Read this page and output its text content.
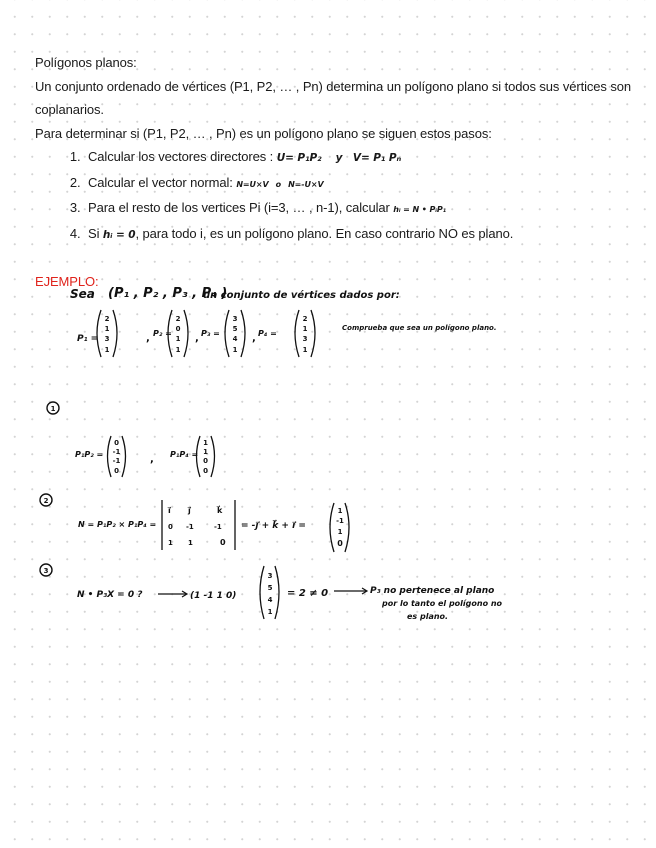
Polígonos planos:

Un conjunto ordenado de vértices (P1, P2, … , Pn) determina un polígono plano si todos sus vértices son coplanarios.

Para determinar si (P1, P2, … , Pn) es un polígono plano se siguen estos pasos:

1. Calcular los vectores directores : U= P₁P₂ y V= P₁ Pₙ
2. Calcular el vector normal: N=U×V o N=-U×V
3. Para el resto de los vertices Pi (i=3, … , n-1), calcular hᵢ = N • PᵢP₁
4. Si hᵢ = 0, para todo i, es un polígono plano. En caso contrario NO es plano.

EJEMPLO:

Sea (P₁ , P₂ , P₃ , P₄ )
un conjunto de vértices dados por:
P₁ =
2
1
3
1
, P₂ =
2
0
1
1
, P₃ =
3
5
4
1
, P₄ =
2
1
3
1
Comprueba que sea un polígono plano.
1
P₁P₂ =
0
-1
-1
0
, P₁P₄ =
1
1
0
0
2
N = P₁P₂ × P₁P₄ =
i⃗ j⃗	k⃗
0 -1	-1
1 1	0
= -j⃗ + k⃗ + i⃗ =
1
-1
1
0
3
N • P₃X = 0 ?	(1 -1 1 0)
3
5
4
1
= 2 ≠ 0	P₃ no pertenece al plano
por lo tanto el polígono no
es plano.
